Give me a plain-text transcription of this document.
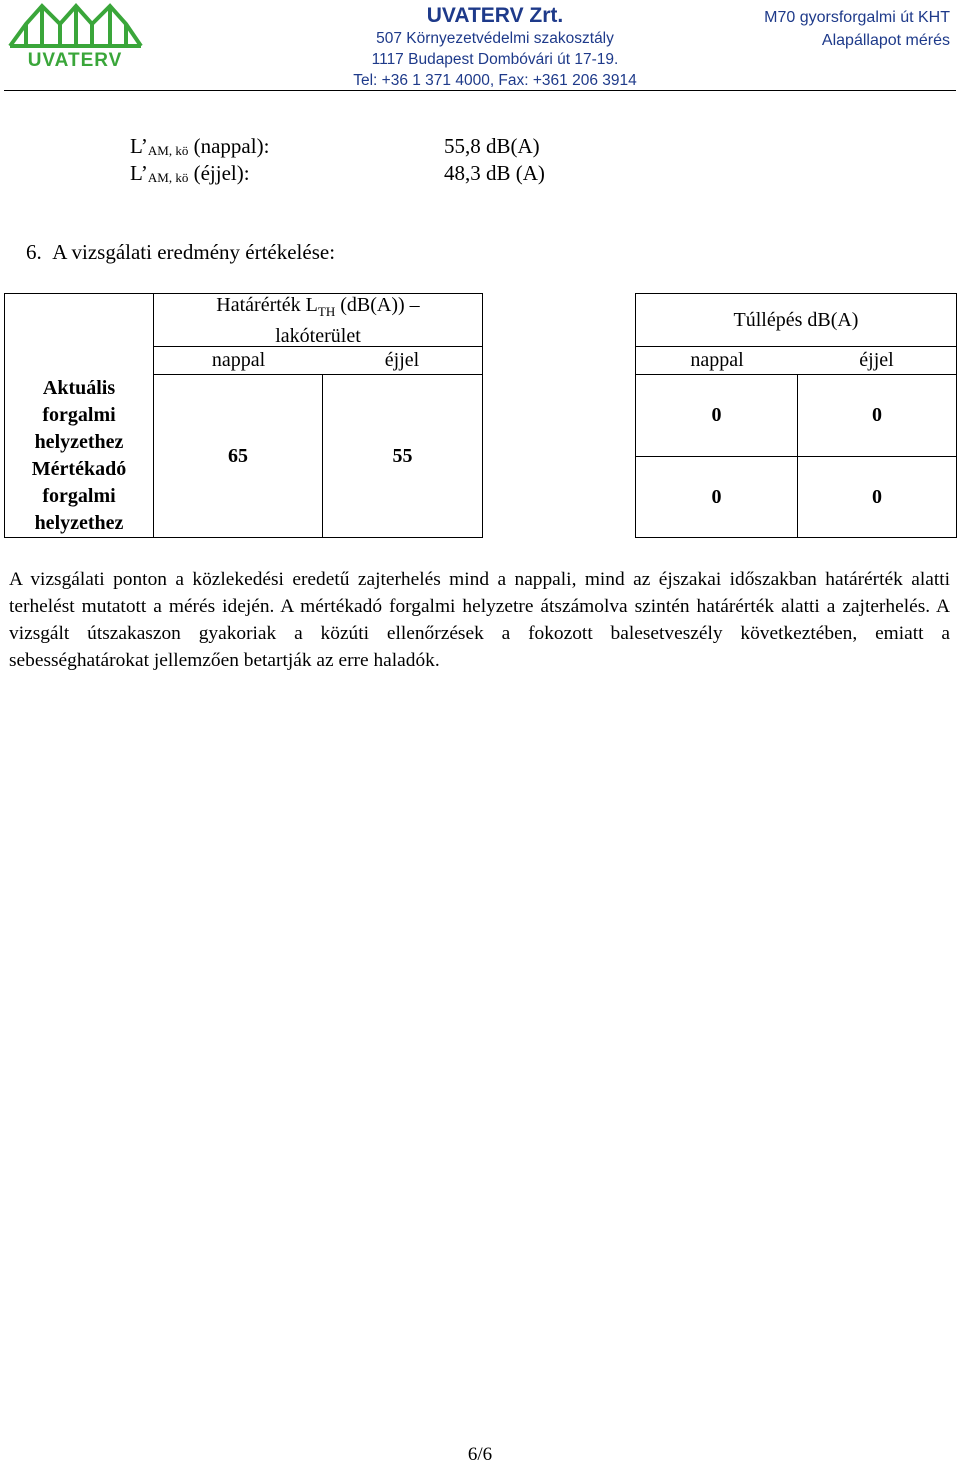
UVATERV
UVATERV Zrt.
507 Környezetvédelmi szakosztály
1117 Budapest Dombóvári út 17-19.
Tel: +36 1 371 4000, Fax: +361 206 3914
M70 gyorsforgalmi út KHT
Alapállapot mérés
$L’_{AM, kö}$ (nappal):	55,8 dB(A)
$L’_{AM, kö}$ (éjjel):	48,3 dB (A)
6. A vizsgálati eredmény értékelése:
Aktuális forgalmi helyzethez
Mértékadó forgalmi helyzethez
Határérték $L_{TH}$ (dB(A)) –
lakóterület
nappal	éjjel
65	55
Túllépés dB(A)
nappal	éjjel
0	0
0	0
A vizsgálati ponton a közlekedési eredetű zajterhelés mind a nappali, mind az éjszakai időszakban határérték alatti terhelést mutatott a mérés idején. A mértékadó forgalmi helyzetre átszámolva szintén határérték alatti a zajterhelés. A vizsgált útszakaszon gyakoriak a közúti ellenőrzések a fokozott balesetveszély következtében, emiatt a sebességhatárokat jellemzően betartják az erre haladók.
6/6
